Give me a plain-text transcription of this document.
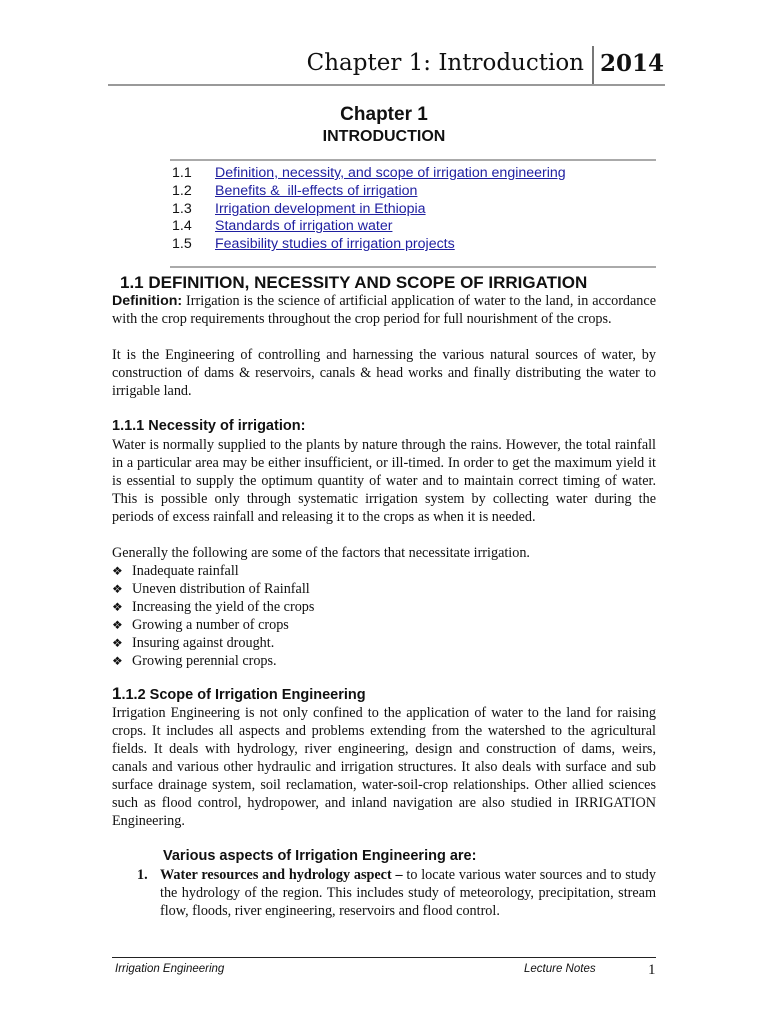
Chapter 1: Introduction 2014
Chapter 1
INTRODUCTION
1.1	Definition, necessity, and scope of irrigation engineering
1.2	Benefits &  ill-effects of irrigation
1.3	Irrigation development in Ethiopia
1.4	Standards of irrigation water
1.5	Feasibility studies of irrigation projects
1.1 DEFINITION, NECESSITY AND SCOPE OF IRRIGATION
Definition: Irrigation is the science of artificial application of water to the land, in accordance with the crop requirements throughout the crop period for full nourishment of the crops.
It is the Engineering of controlling and harnessing the various natural sources of water, by construction of dams & reservoirs, canals & head works and finally distributing the water to irrigable land.
1.1.1 Necessity of irrigation:
Water is normally supplied to the plants by nature through the rains. However, the total rainfall in a particular area may be either insufficient, or ill-timed. In order to get the maximum yield it is essential to supply the optimum quantity of water and to maintain correct timing of water. This is possible only through systematic irrigation system by collecting water during the periods of excess rainfall and releasing it to the crops as when it is needed.
Generally the following are some of the factors that necessitate irrigation.
❖ Inadequate rainfall
❖ Uneven distribution of Rainfall
❖ Increasing the yield of the crops
❖ Growing a number of crops
❖ Insuring against drought.
❖ Growing perennial crops.
1.1.2 Scope of Irrigation Engineering
Irrigation Engineering is not only confined to the application of water to the land for raising crops. It includes all aspects and problems extending from the watershed to the agricultural fields. It deals with hydrology, river engineering, design and construction of dams, weirs, canals and various other hydraulic and irrigation structures. It also deals with surface and sub surface drainage system, soil reclamation, water-soil-crop relationships. Other allied sciences such as flood control, hydropower, and inland navigation are also studied in IRRIGATION Engineering.
Various aspects of Irrigation Engineering are:
1. Water resources and hydrology aspect – to locate various water sources and to study the hydrology of the region. This includes study of meteorology, precipitation, stream flow, floods, river engineering, reservoirs and flood control.
Irrigation Engineering	Lecture Notes	1
